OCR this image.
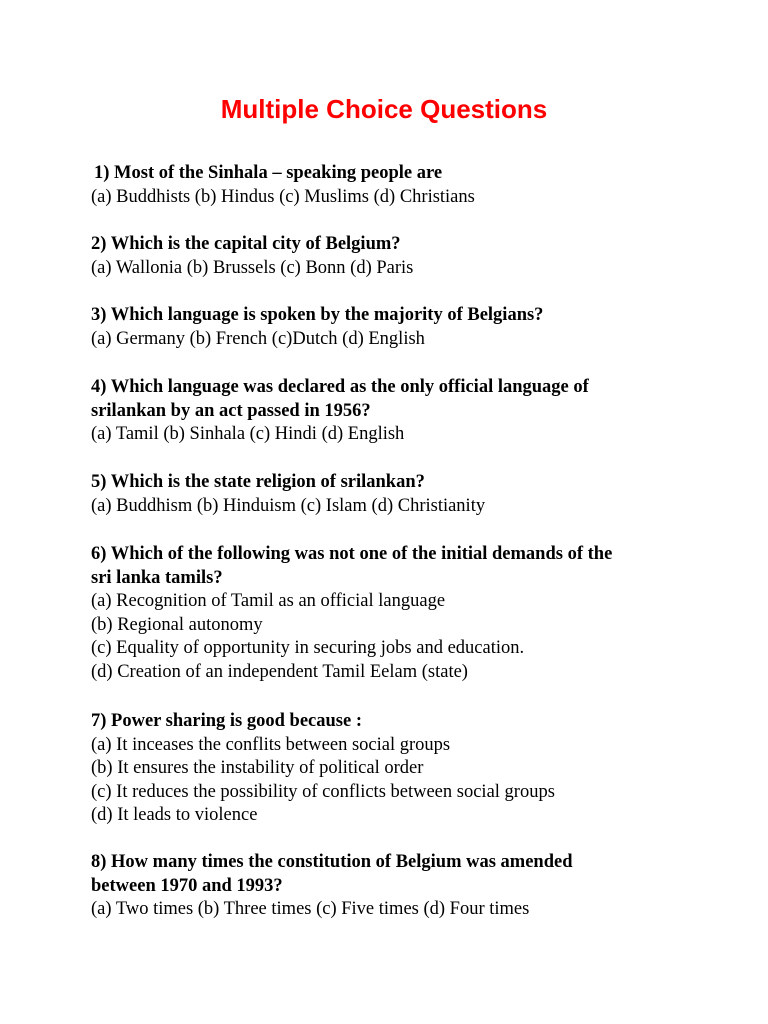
Multiple Choice Questions
1) Most of the Sinhala – speaking people are
(a) Buddhists (b) Hindus (c) Muslims (d) Christians
2) Which is the capital city of Belgium?
(a) Wallonia (b) Brussels (c) Bonn (d) Paris
3) Which language is spoken by the majority of Belgians?
(a) Germany (b) French (c)Dutch (d) English
4) Which language was declared as the only official language of
srilankan by an act passed in 1956?
(a) Tamil (b) Sinhala (c) Hindi (d) English
5) Which is the state religion of srilankan?
(a) Buddhism (b) Hinduism (c) Islam (d) Christianity
6) Which of the following was not one of the initial demands of the
sri lanka tamils?
(a) Recognition of Tamil as an official language
(b) Regional autonomy
(c) Equality of opportunity in securing jobs and education.
(d) Creation of an independent Tamil Eelam (state)
7) Power sharing is good because :
(a) It inceases the conflits between social groups
(b) It ensures the instability of political order
(c) It reduces the possibility of conflicts between social groups
(d) It leads to violence
8) How many times the constitution of Belgium was amended
between 1970 and 1993?
(a) Two times (b) Three times (c) Five times (d) Four times
